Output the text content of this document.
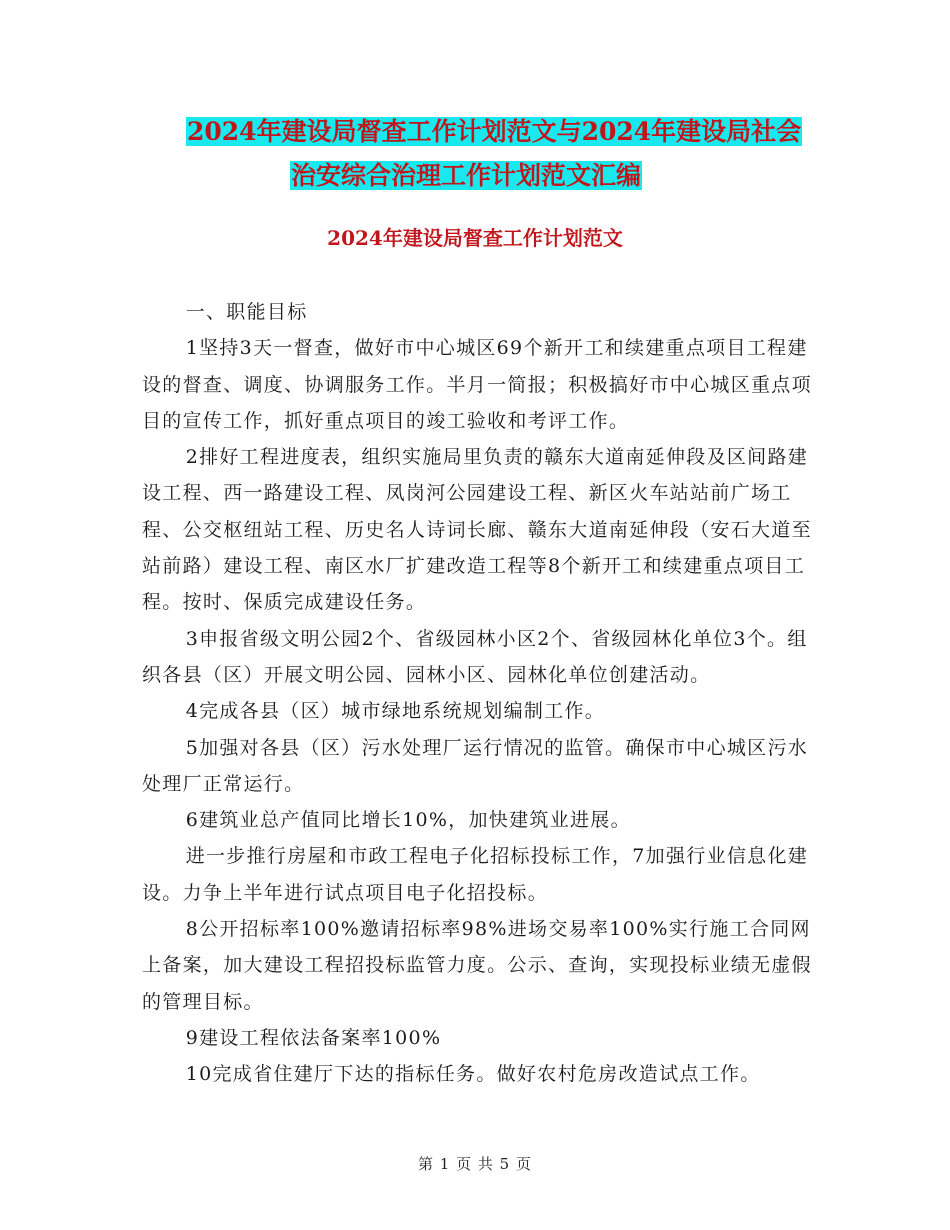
2024年建设局督查工作计划范文与2024年建设局社会
治安综合治理工作计划范文汇编
2024年建设局督查工作计划范文

一、职能目标

1坚持3天一督查，做好市中心城区69个新开工和续建重点项目工程建设的督查、调度、协调服务工作。半月一简报；积极搞好市中心城区重点项目的宣传工作，抓好重点项目的竣工验收和考评工作。

2排好工程进度表，组织实施局里负责的赣东大道南延伸段及区间路建设工程、西一路建设工程、凤岗河公园建设工程、新区火车站站前广场工程、公交枢纽站工程、历史名人诗词长廊、赣东大道南延伸段（安石大道至站前路）建设工程、南区水厂扩建改造工程等8个新开工和续建重点项目工程。按时、保质完成建设任务。

3申报省级文明公园2个、省级园林小区2个、省级园林化单位3个。组织各县（区）开展文明公园、园林小区、园林化单位创建活动。

4完成各县（区）城市绿地系统规划编制工作。

5加强对各县（区）污水处理厂运行情况的监管。确保市中心城区污水处理厂正常运行。

6建筑业总产值同比增长10%，加快建筑业进展。

进一步推行房屋和市政工程电子化招标投标工作，7加强行业信息化建设。力争上半年进行试点项目电子化招投标。

8公开招标率100%邀请招标率98%进场交易率100%实行施工合同网上备案，加大建设工程招投标监管力度。公示、查询，实现投标业绩无虚假的管理目标。

9建设工程依法备案率100%

10完成省住建厅下达的指标任务。做好农村危房改造试点工作。

第 1 页 共 5 页
